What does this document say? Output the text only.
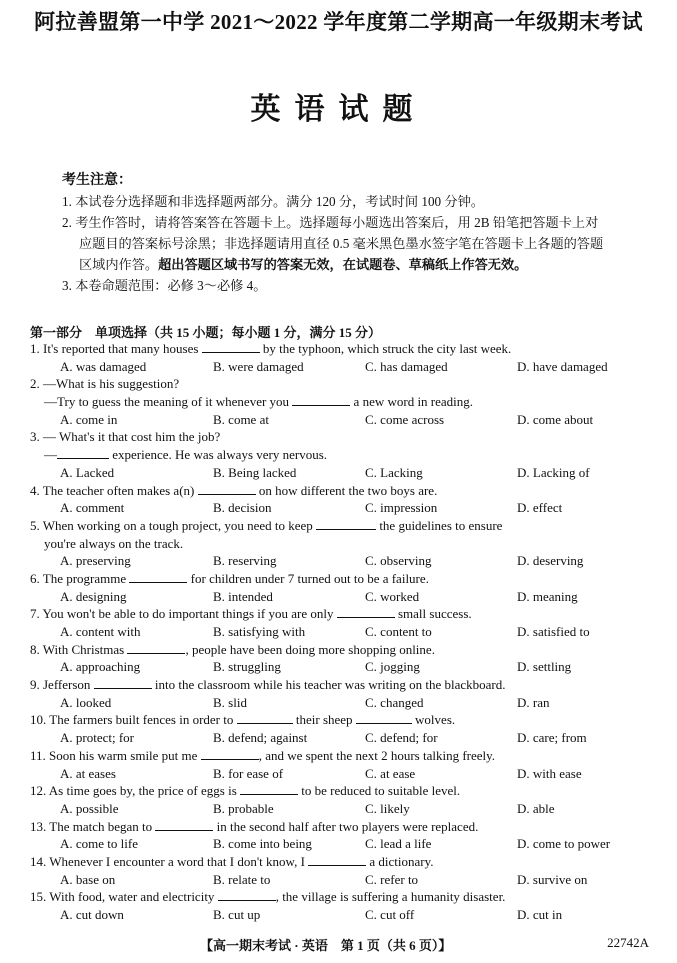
阿拉善盟第一中学 2021～2022 学年度第二学期高一年级期末考试
英语试题
考生注意：
1. 本试卷分选择题和非选择题两部分。满分 120 分，考试时间 100 分钟。
2. 考生作答时，请将答案答在答题卡上。选择题每小题选出答案后，用 2B 铅笔把答题卡上对
应题目的答案标号涂黑；非选择题请用直径 0.5 毫米黑色墨水签字笔在答题卡上各题的答题
区域内作答。超出答题区域书写的答案无效，在试题卷、草稿纸上作答无效。
3. 本卷命题范围：必修 3～必修 4。
第一部分　单项选择（共 15 小题；每小题 1 分，满分 15 分）
1. It's reported that many houses	by the typhoon, which struck the city last week.
A. was damaged	B. were damaged	C. has damaged	D. have damaged
2. —What is his suggestion?
—Try to guess the meaning of it whenever you	a new word in reading.
A. come in	B. come at	C. come across	D. come about
3. — What's it that cost him the job?
—	experience. He was always very nervous.
A. Lacked	B. Being lacked	C. Lacking	D. Lacking of
4. The teacher often makes a(n)	on how different the two boys are.
A. comment	B. decision	C. impression	D. effect
5. When working on a tough project, you need to keep	the guidelines to ensure
you're always on the track.
A. preserving	B. reserving	C. observing	D. deserving
6. The programme	for children under 7 turned out to be a failure.
A. designing	B. intended	C. worked	D. meaning
7. You won't be able to do important things if you are only	small success.
A. content with	B. satisfying with	C. content to	D. satisfied to
8. With Christmas	, people have been doing more shopping online.
A. approaching	B. struggling	C. jogging	D. settling
9. Jefferson	into the classroom while his teacher was writing on the blackboard.
A. looked	B. slid	C. changed	D. ran
10. The farmers built fences in order to	their sheep	wolves.
A. protect; for	B. defend; against	C. defend; for	D. care; from
11. Soon his warm smile put me	, and we spent the next 2 hours talking freely.
A. at eases	B. for ease of	C. at ease	D. with ease
12. As time goes by, the price of eggs is	to be reduced to suitable level.
A. possible	B. probable	C. likely	D. able
13. The match began to	in the second half after two players were replaced.
A. come to life	B. come into being	C. lead a life	D. come to power
14. Whenever I encounter a word that I don't know, I	a dictionary.
A. base on	B. relate to	C. refer to	D. survive on
15. With food, water and electricity	, the village is suffering a humanity disaster.
A. cut down	B. cut up	C. cut off	D. cut in
【高一期末考试 · 英语　第 1 页（共 6 页）】	22742A
